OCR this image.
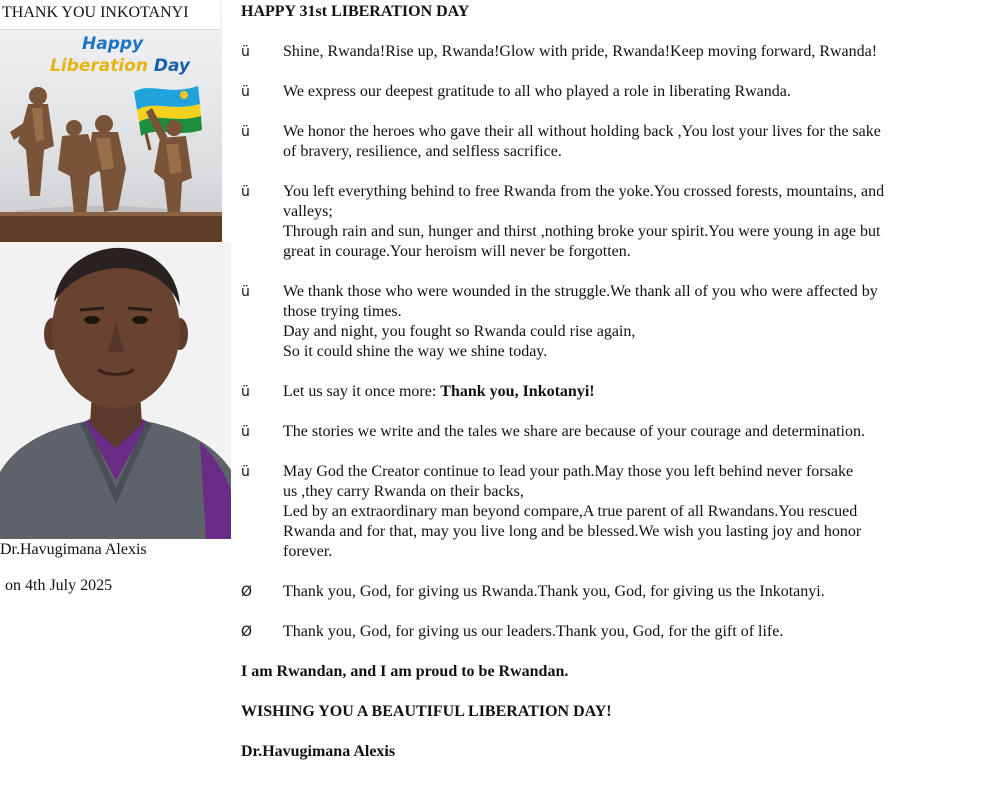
Happy
Liberation Day
THANK YOU INKOTANYI
Dr.Havugimana Alexis
on 4th July 2025
HAPPY 31st LIBERATION DAY
ü	Shine, Rwanda!Rise up, Rwanda!Glow with pride, Rwanda!Keep moving forward, Rwanda!
ü	We express our deepest gratitude to all who played a role in liberating Rwanda.
ü	We honor the heroes who gave their all without holding back ,You lost your lives for the sake
of bravery, resilience, and selfless sacrifice.
ü	You left everything behind to free Rwanda from the yoke.You crossed forests, mountains, and
valleys;
Through rain and sun, hunger and thirst ,nothing broke your spirit.You were young in age but
great in courage.Your heroism will never be forgotten.
ü	We thank those who were wounded in the struggle.We thank all of you who were affected by
those trying times.
Day and night, you fought so Rwanda could rise again,
So it could shine the way we shine today.
ü	Let us say it once more: Thank you, Inkotanyi!
ü	The stories we write and the tales we share are because of your courage and determination.
ü	May God the Creator continue to lead your path.May those you left behind never forsake
us ,they carry Rwanda on their backs,
Led by an extraordinary man beyond compare,A true parent of all Rwandans.You rescued
Rwanda and for that, may you live long and be blessed.We wish you lasting joy and honor
forever.
Ø	Thank you, God, for giving us Rwanda.Thank you, God, for giving us the Inkotanyi.
Ø	Thank you, God, for giving us our leaders.Thank you, God, for the gift of life.
I am Rwandan, and I am proud to be Rwandan.
WISHING YOU A BEAUTIFUL LIBERATION DAY!
Dr.Havugimana Alexis
